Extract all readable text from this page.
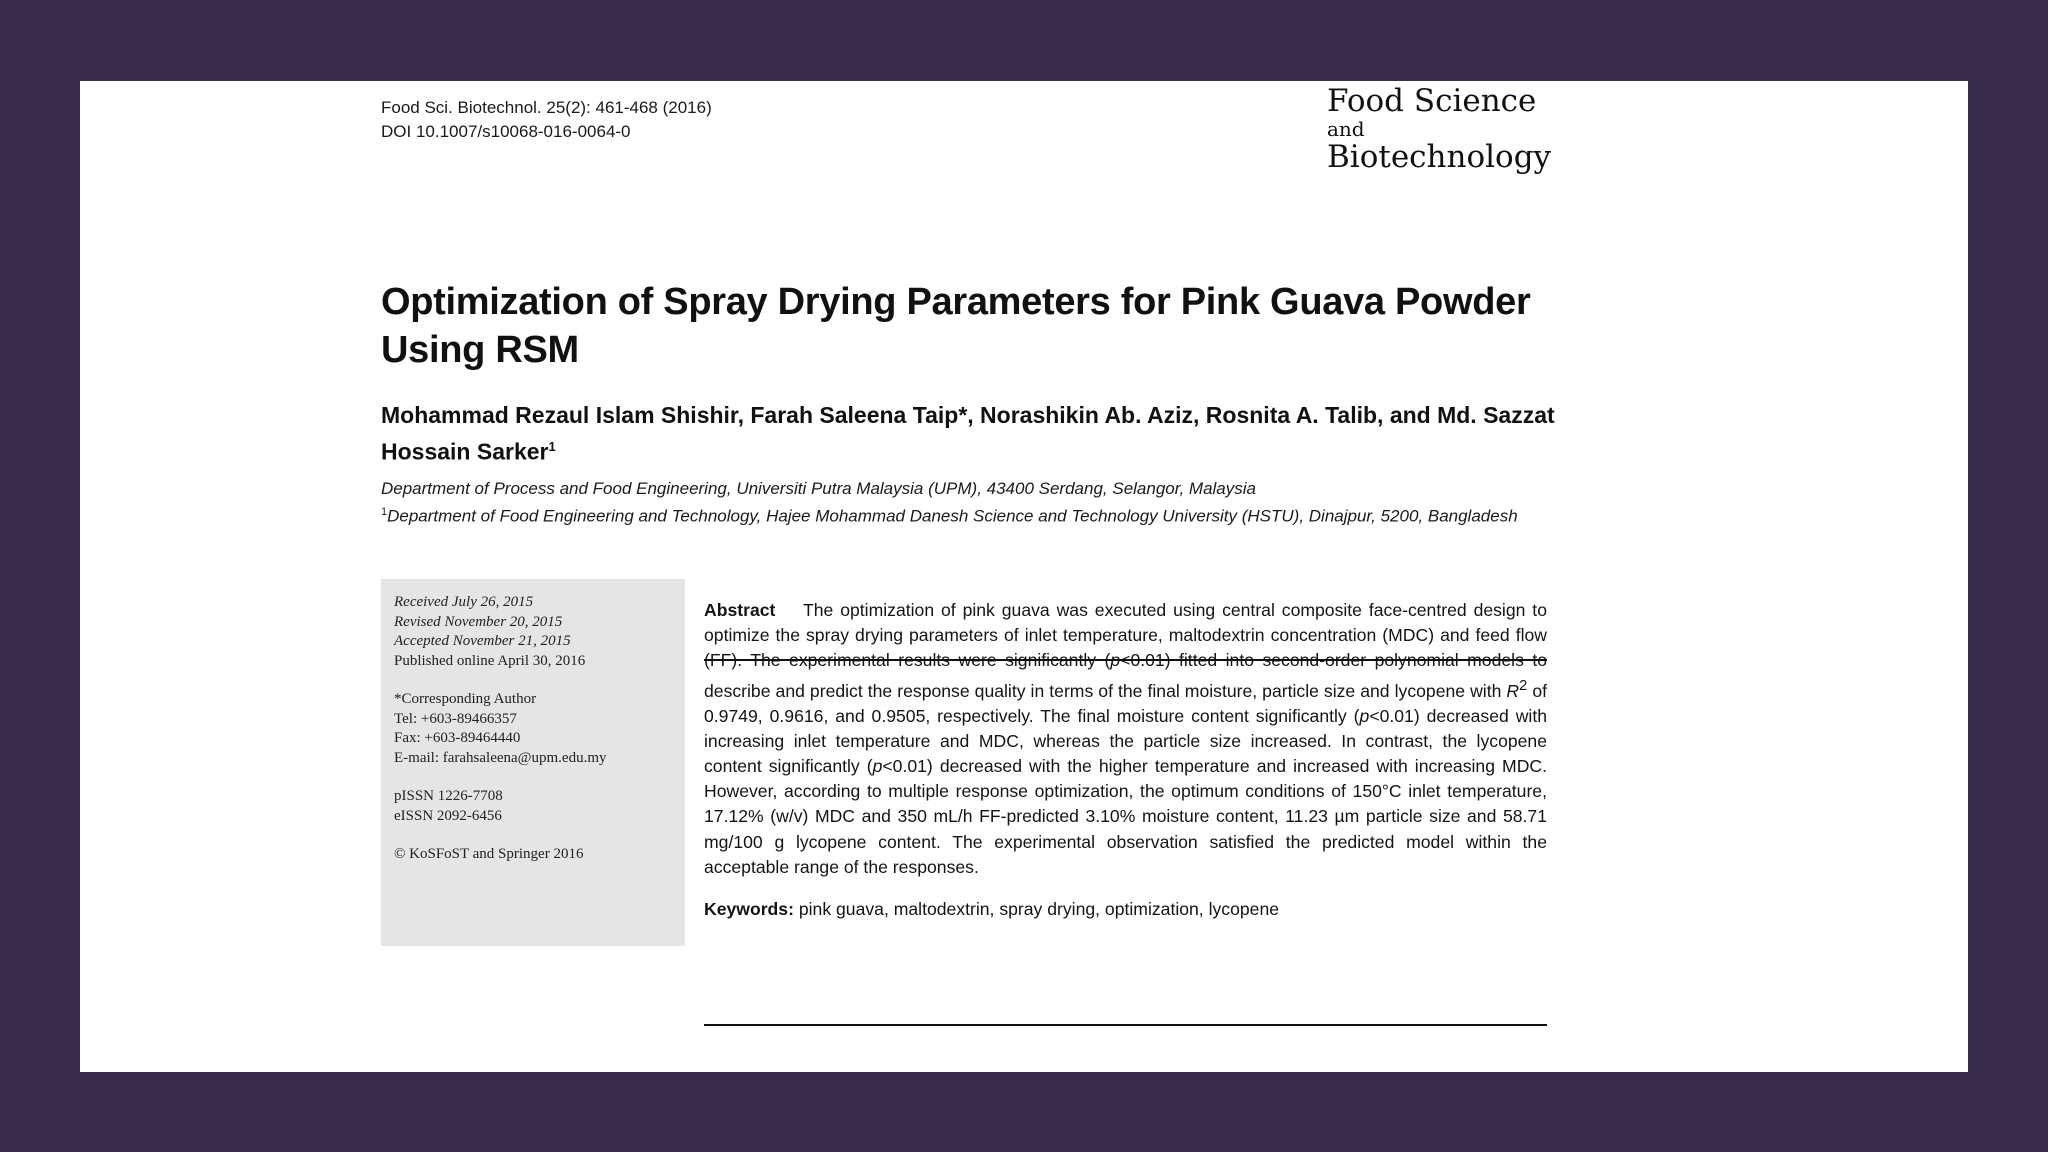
Food Sci. Biotechnol. 25(2): 461-468 (2016)
DOI 10.1007/s10068-016-0064-0
Food Science
and
Biotechnology
Optimization of Spray Drying Parameters for Pink Guava Powder Using RSM
Mohammad Rezaul Islam Shishir, Farah Saleena Taip*, Norashikin Ab. Aziz, Rosnita A. Talib, and Md. Sazzat Hossain Sarker$^1$
Department of Process and Food Engineering, Universiti Putra Malaysia (UPM), 43400 Serdang, Selangor, Malaysia
$^1$Department of Food Engineering and Technology, Hajee Mohammad Danesh Science and Technology University (HSTU), Dinajpur, 5200, Bangladesh
Received July 26, 2015
Revised November 20, 2015
Accepted November 21, 2015
Published online April 30, 2016
*Corresponding Author
Tel: +603-89466357
Fax: +603-89464440
E-mail: farahsaleena@upm.edu.my
pISSN 1226-7708
eISSN 2092-6456
© KoSFoST and Springer 2016

Abstract The optimization of pink guava was executed using central composite face-centred design to optimize the spray drying parameters of inlet temperature, maltodextrin concentration (MDC) and feed flow (FF). The experimental results were significantly (p<0.01) fitted into second-order polynomial models to describe and predict the response quality in terms of the final moisture, particle size and lycopene with $R^2$ of 0.9749, 0.9616, and 0.9505, respectively. The final moisture content significantly (p<0.01) decreased with increasing inlet temperature and MDC, whereas the particle size increased. In contrast, the lycopene content significantly (p<0.01) decreased with the higher temperature and increased with increasing MDC. However, according to multiple response optimization, the optimum conditions of 150°C inlet temperature, 17.12% (w/v) MDC and 350 mL/h FF-predicted 3.10% moisture content, 11.23 µm particle size and 58.71 mg/100 g lycopene content. The experimental observation satisfied the predicted model within the acceptable range of the responses.

Keywords: pink guava, maltodextrin, spray drying, optimization, lycopene
